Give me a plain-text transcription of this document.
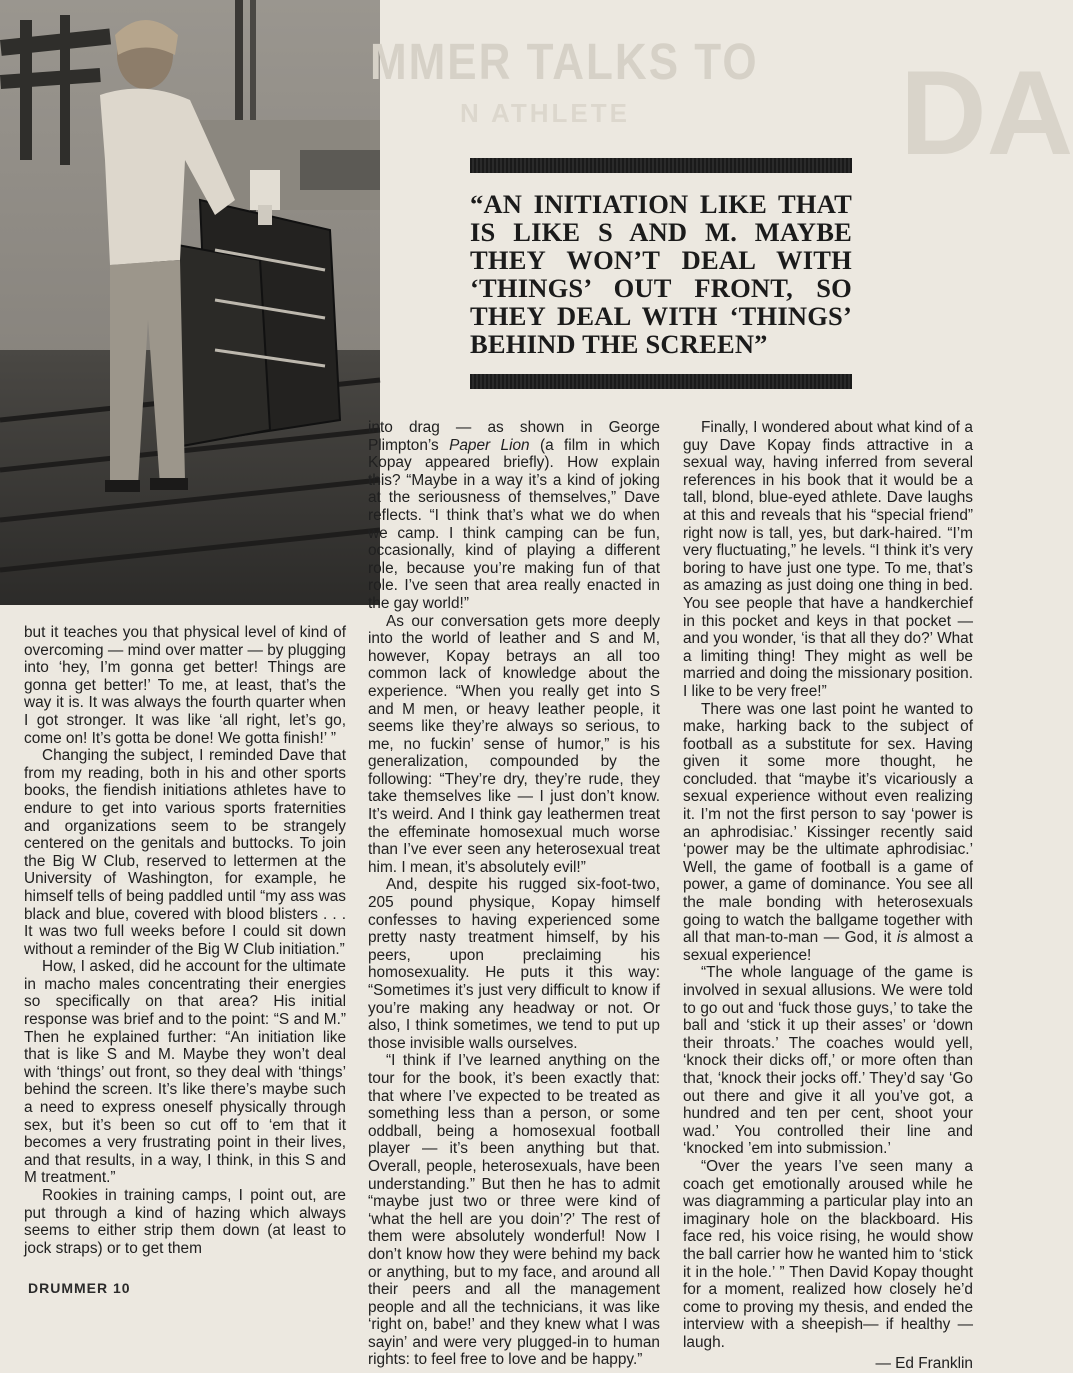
MMER TALKS TO
N ATHLETE DA
“AN INITIATION LIKE THAT IS LIKE S AND M. MAYBE THEY WON’T DEAL WITH ‘THINGS’ OUT FRONT, SO THEY DEAL WITH ‘THINGS’ BEHIND THE SCREEN”

but it teaches you that physical level of kind of overcoming — mind over matter — by plugging into ‘hey, I’m gonna get better! Things are gonna get better!’ To me, at least, that’s the way it is. It was always the fourth quarter when I got stronger. It was like ‘all right, let’s go, come on! It’s gotta be done! We gotta finish!’ ”

Changing the subject, I reminded Dave that from my reading, both in his and other sports books, the fiendish initiations athletes have to endure to get into various sports fraternities and organizations seem to be strangely centered on the genitals and buttocks. To join the Big W Club, reserved to lettermen at the University of Washington, for example, he himself tells of being paddled until “my ass was black and blue, covered with blood blisters . . . It was two full weeks before I could sit down without a reminder of the Big W Club initiation.”

How, I asked, did he account for the ultimate in macho males concentrating their energies so specifically on that area? His initial response was brief and to the point: “S and M.” Then he explained further: “An initiation like that is like S and M. Maybe they won’t deal with ‘things’ out front, so they deal with ‘things’ behind the screen. It’s like there’s maybe such a need to express oneself physically through sex, but it’s been so cut off to ‘em that it becomes a very frustrating point in their lives, and that results, in a way, I think, in this S and M treatment.”

Rookies in training camps, I point out, are put through a kind of hazing which always seems to either strip them down (at least to jock straps) or to get them

into drag — as shown in George Plimpton’s Paper Lion (a film in which Kopay appeared briefly). How explain this? “Maybe in a way it’s a kind of joking at the seriousness of themselves,” Dave reflects. “I think that’s what we do when we camp. I think camping can be fun, occasionally, kind of playing a different role, because you’re making fun of that role. I’ve seen that area really enacted in the gay world!”

As our conversation gets more deeply into the world of leather and S and M, however, Kopay betrays an all too common lack of knowledge about the experience. “When you really get into S and M men, or heavy leather people, it seems like they’re always so serious, to me, no fuckin’ sense of humor,” is his generalization, compounded by the following: “They’re dry, they’re rude, they take themselves like — I just don’t know. It’s weird. And I think gay leathermen treat the effeminate homosexual much worse than I’ve ever seen any heterosexual treat him. I mean, it’s absolutely evil!”

And, despite his rugged six-foot-two, 205 pound physique, Kopay himself confesses to having experienced some pretty nasty treatment himself, by his peers, upon preclaiming his homosexuality. He puts it this way: “Sometimes it’s just very difficult to know if you’re making any headway or not. Or also, I think sometimes, we tend to put up those invisible walls ourselves.

“I think if I’ve learned anything on the tour for the book, it’s been exactly that: that where I’ve expected to be treated as something less than a person, or some oddball, being a homosexual football player — it’s been anything but that. Overall, people, heterosexuals, have been understanding.” But then he has to admit “maybe just two or three were kind of ‘what the hell are you doin’?’ The rest of them were absolutely wonderful! Now I don’t know how they were behind my back or anything, but to my face, and around all their peers and all the management people and all the technicians, it was like ‘right on, babe!’ and they knew what I was sayin’ and were very plugged-in to human rights: to feel free to love and be happy.”

Finally, I wondered about what kind of a guy Dave Kopay finds attractive in a sexual way, having inferred from several references in his book that it would be a tall, blond, blue-eyed athlete. Dave laughs at this and reveals that his “special friend” right now is tall, yes, but dark-haired. “I’m very fluctuating,” he levels. “I think it’s very boring to have just one type. To me, that’s as amazing as just doing one thing in bed. You see people that have a handkerchief in this pocket and keys in that pocket — and you wonder, ‘is that all they do?’ What a limiting thing! They might as well be married and doing the missionary position. I like to be very free!”

There was one last point he wanted to make, harking back to the subject of football as a substitute for sex. Having given it some more thought, he concluded. that “maybe it’s vicariously a sexual experience without even realizing it. I’m not the first person to say ‘power is an aphrodisiac.’ Kissinger recently said ‘power may be the ultimate aphrodisiac.’ Well, the game of football is a game of power, a game of dominance. You see all the male bonding with heterosexuals going to watch the ballgame together with all that man-to-man — God, it is almost a sexual experience!

“The whole language of the game is involved in sexual allusions. We were told to go out and ‘fuck those guys,’ to take the ball and ‘stick it up their asses’ or ‘down their throats.’ The coaches would yell, ‘knock their dicks off,’ or more often than that, ‘knock their jocks off.’ They’d say ‘Go out there and give it all you’ve got, a hundred and ten per cent, shoot your wad.’ You controlled their line and ‘knocked ’em into submission.’

“Over the years I’ve seen many a coach get emotionally aroused while he was diagramming a particular play into an imaginary hole on the blackboard. His face red, his voice rising, he would show the ball carrier how he wanted him to ‘stick it in the hole.’ ” Then David Kopay thought for a moment, realized how closely he’d come to proving my thesis, and ended the interview with a sheepish— if healthy — laugh.

— Ed Franklin

DRUMMER 10
